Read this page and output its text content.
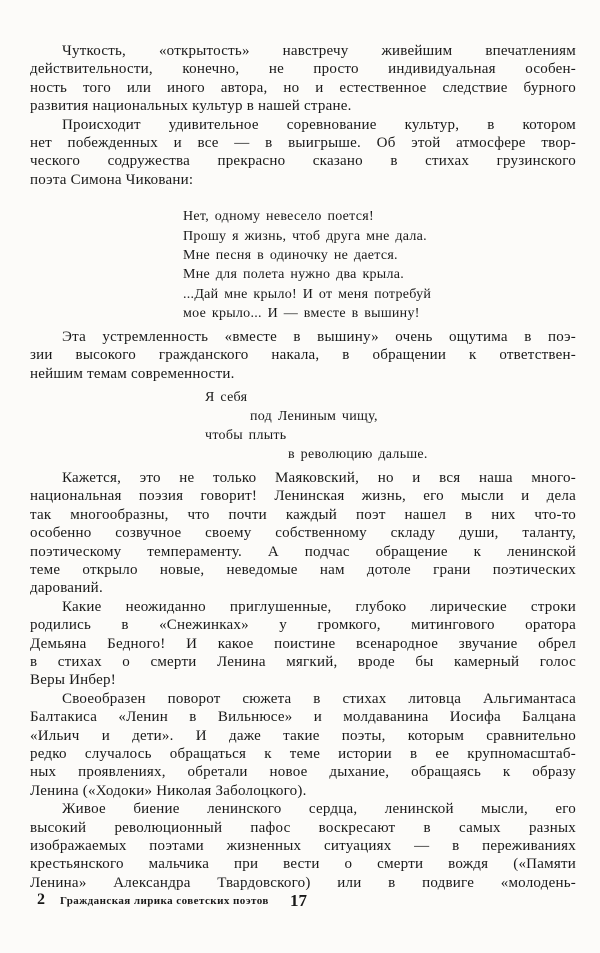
Чуткость, «открытость» навстречу живейшим впечатлениям
действительности, конечно, не просто индивидуальная особен-
ность того или иного автора, но и естественное следствие бурного
развития национальных культур в нашей стране.
Происходит удивительное соревнование культур, в котором
нет побежденных и все — в выигрыше. Об этой атмосфере твор-
ческого содружества прекрасно сказано в стихах грузинского
поэта Симона Чиковани:
Нет, одному невесело поется!
Прошу я жизнь, чтоб друга мне дала.
Мне песня в одиночку не дается.
Мне для полета нужно два крыла.
...Дай мне крыло! И от меня потребуй
мое крыло... И — вместе в вышину!
Эта устремленность «вместе в вышину» очень ощутима в поэ-
зии высокого гражданского накала, в обращении к ответствен-
нейшим темам современности.
Я себя
под Лениным чищу,
чтобы плыть
в революцию дальше.
Кажется, это не только Маяковский, но и вся наша много-
национальная поэзия говорит! Ленинская жизнь, его мысли и дела
так многообразны, что почти каждый поэт нашел в них что-то
особенно созвучное своему собственному складу души, таланту,
поэтическому темпераменту. А подчас обращение к ленинской
теме открыло новые, неведомые нам дотоле грани поэтических
дарований.
Какие неожиданно приглушенные, глубоко лирические строки
родились в «Снежинках» у громкого, митингового оратора
Демьяна Бедного! И какое поистине всенародное звучание обрел
в стихах о смерти Ленина мягкий, вроде бы камерный голос
Веры Инбер!
Своеобразен поворот сюжета в стихах литовца Альгимантаса
Балтакиса «Ленин в Вильнюсе» и молдаванина Иосифа Балцана
«Ильич и дети». И даже такие поэты, которым сравнительно
редко случалось обращаться к теме истории в ее крупномасштаб-
ных проявлениях, обретали новое дыхание, обращаясь к образу
Ленина («Ходоки» Николая Заболоцкого).
Живое биение ленинского сердца, ленинской мысли, его
высокий революционный пафос воскресают в самых разных
изображаемых поэтами жизненных ситуациях — в переживаниях
крестьянского мальчика при вести о смерти вождя («Памяти
Ленина» Александра Твардовского) или в подвиге «молодень-
2 Гражданская лирика советских поэтов 17
